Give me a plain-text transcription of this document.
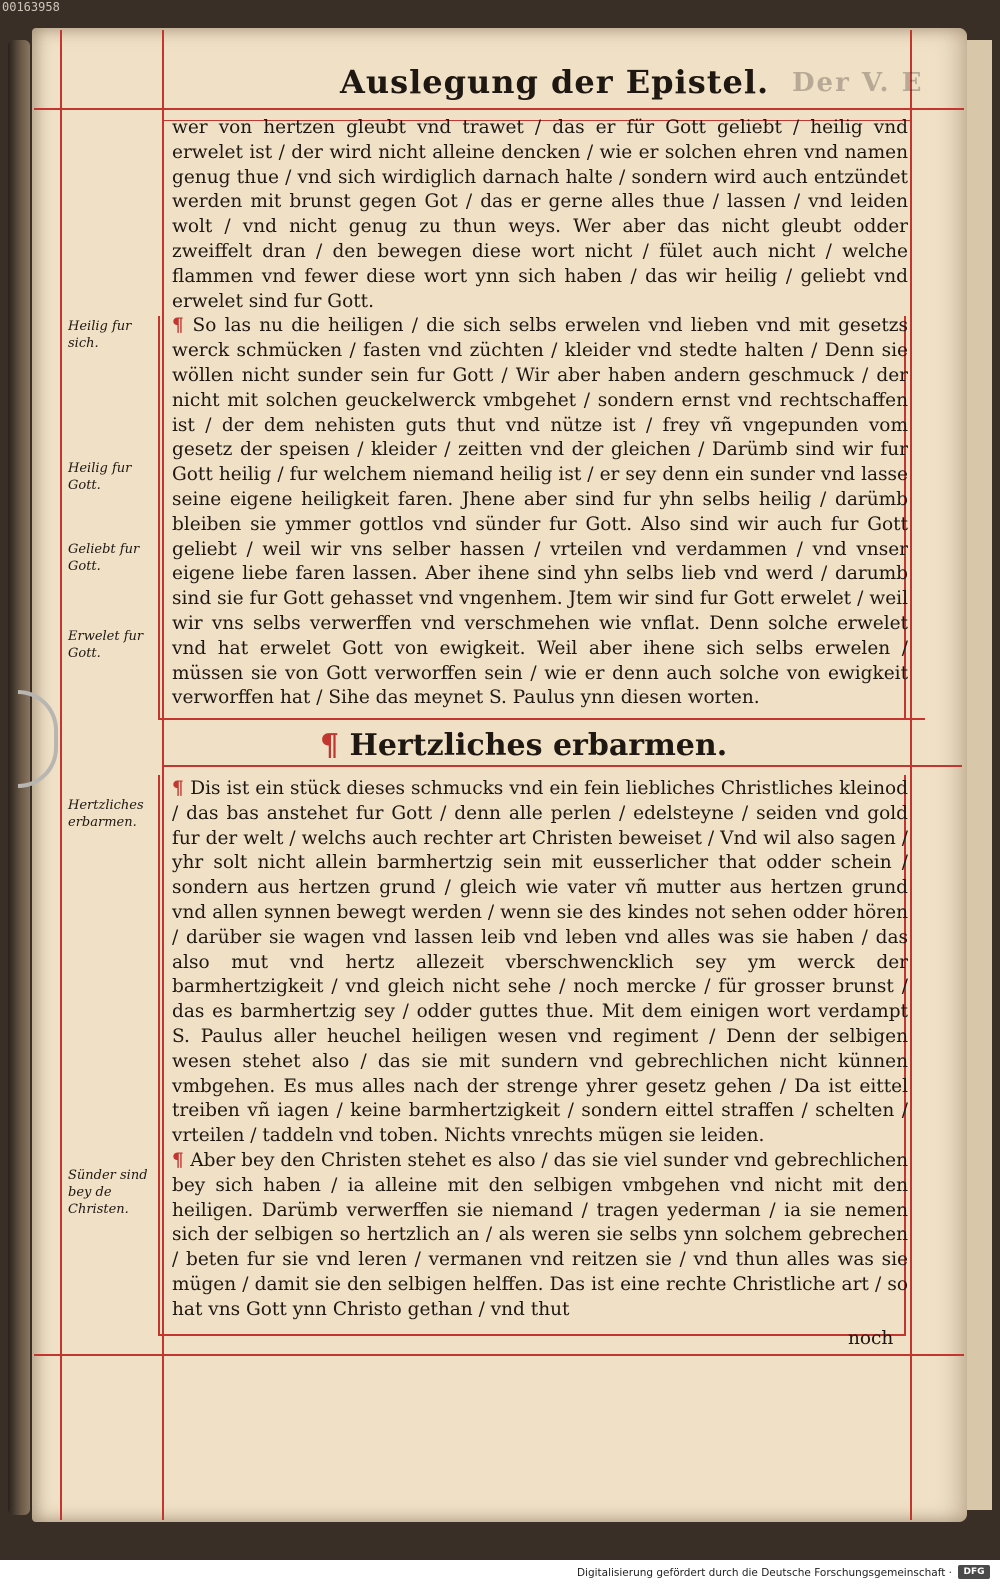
00163958
Auslegung der Epistel. Der V. E
Heilig fur sich.
Heilig fur Gott.
Geliebt fur Gott.
Erwelet fur Gott.
Hertzliches erbarmen.
Sünder sind bey de Christen.

wer von hertzen gleubt vnd trawet / das er für Gott geliebt / heilig vnd erwelet ist / der wird nicht alleine dencken / wie er solchen ehren vnd namen genug thue / vnd sich wirdiglich darnach halte / sondern wird auch entzündet werden mit brunst gegen Got / das er gerne alles thue / lassen / vnd leiden wolt / vnd nicht genug zu thun weys. Wer aber das nicht gleubt odder zweiffelt dran / den bewegen diese wort nicht / fület auch nicht / welche flammen vnd fewer diese wort ynn sich haben / das wir heilig / geliebt vnd erwelet sind fur Gott.

¶ So las nu die heiligen / die sich selbs erwelen vnd lieben vnd mit gesetzs werck schmücken / fasten vnd züchten / kleider vnd stedte halten / Denn sie wöllen nicht sunder sein fur Gott / Wir aber haben andern geschmuck / der nicht mit solchen geuckelwerck vmbgehet / sondern ernst vnd rechtschaffen ist / der dem nehisten guts thut vnd nütze ist / frey vñ vngepunden vom gesetz der speisen / kleider / zeitten vnd der gleichen / Darümb sind wir fur Gott heilig / fur welchem niemand heilig ist / er sey denn ein sunder vnd lasse seine eigene heiligkeit faren. Jhene aber sind fur yhn selbs heilig / darümb bleiben sie ymmer gottlos vnd sünder fur Gott. Also sind wir auch fur Gott geliebt / weil wir vns selber hassen / vrteilen vnd verdammen / vnd vnser eigene liebe faren lassen. Aber ihene sind yhn selbs lieb vnd werd / darumb sind sie fur Gott gehasset vnd vngenhem. Jtem wir sind fur Gott erwelet / weil wir vns selbs verwerffen vnd verschmehen wie vnflat. Denn solche erwelet vnd hat erwelet Gott von ewigkeit. Weil aber ihene sich selbs erwelen / müssen sie von Gott verworffen sein / wie er denn auch solche von ewigkeit verworffen hat / Sihe das meynet S. Paulus ynn diesen worten.

¶ Hertzliches erbarmen.

¶ Dis ist ein stück dieses schmucks vnd ein fein liebliches Christliches kleinod / das bas anstehet fur Gott / denn alle perlen / edelsteyne / seiden vnd gold fur der welt / welchs auch rechter art Christen beweiset / Vnd wil also sagen / yhr solt nicht allein barmhertzig sein mit eusserlicher that odder schein / sondern aus hertzen grund / gleich wie vater vñ mutter aus hertzen grund vnd allen synnen bewegt werden / wenn sie des kindes not sehen odder hören / darüber sie wagen vnd lassen leib vnd leben vnd alles was sie haben / das also mut vnd hertz allezeit vberschwencklich sey ym werck der barmhertzigkeit / vnd gleich nicht sehe / noch mercke / für grosser brunst / das es barmhertzig sey / odder guttes thue. Mit dem einigen wort verdampt S. Paulus aller heuchel heiligen wesen vnd regiment / Denn der selbigen wesen stehet also / das sie mit sundern vnd gebrechlichen nicht künnen vmbgehen. Es mus alles nach der strenge yhrer gesetz gehen / Da ist eittel treiben vñ iagen / keine barmhertzigkeit / sondern eittel straffen / schelten / vrteilen / taddeln vnd toben. Nichts vnrechts mügen sie leiden.

¶ Aber bey den Christen stehet es also / das sie viel sunder vnd gebrechlichen bey sich haben / ia alleine mit den selbigen vmbgehen vnd nicht mit den heiligen. Darümb verwerffen sie niemand / tragen yederman / ia sie nemen sich der selbigen so hertzlich an / als weren sie selbs ynn solchem gebrechen / beten fur sie vnd leren / vermanen vnd reitzen sie / vnd thun alles was sie mügen / damit sie den selbigen helffen. Das ist eine rechte Christliche art / so hat vns Gott ynn Christo gethan / vnd thut

noch
Digitalisierung gefördert durch die Deutsche Forschungsgemeinschaft ·	DFG
